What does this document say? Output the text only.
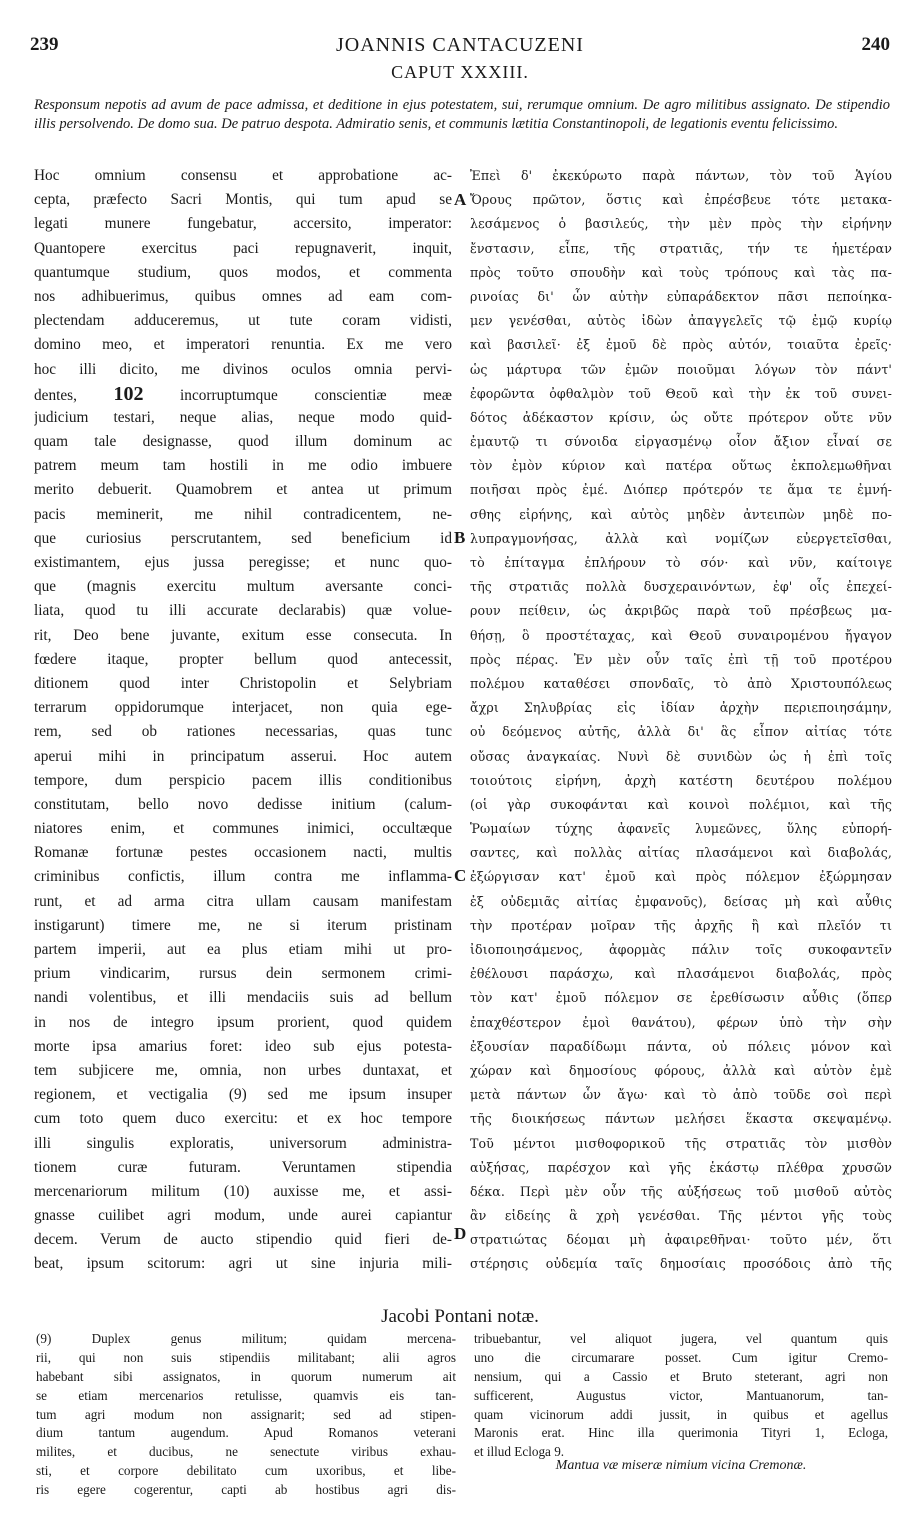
239	JOANNIS CANTACUZENI	240
CAPUT XXXIII.
Responsum nepotis ad avum de pace admissa, et deditione in ejus potestatem, sui, rerumque omnium. De agro militibus assignato. De stipendio illis persolvendo. De domo sua. De patruo despota. Admiratio senis, et communis lætitia Constantinopoli, de legationis eventu felicissimo.
Hoc omnium consensu et approbatione ac-
cepta, præfecto Sacri Montis, qui tum apud se
legati munere fungebatur, accersito, imperator:
Quantopere exercitus paci repugnaverit, inquit,
quantumque studium, quos modos, et commenta
nos adhibuerimus, quibus omnes ad eam com-
plectendam adduceremus, ut tute coram vidisti,
domino meo, et imperatori renuntia. Ex me vero
hoc illi dicito, me divinos oculos omnia pervi-
dentes, 102 incorruptumque conscientiæ meæ
judicium testari, neque alias, neque modo quid-
quam tale designasse, quod illum dominum ac
patrem meum tam hostili in me odio imbuere
merito debuerit. Quamobrem et antea ut primum
pacis meminerit, me nihil contradicentem, ne-
que curiosius perscrutantem, sed beneficium id
existimantem, ejus jussa peregisse; et nunc quo-
que (magnis exercitu multum aversante conci-
liata, quod tu illi accurate declarabis) quæ volue-
rit, Deo bene juvante, exitum esse consecuta. In
fœdere itaque, propter bellum quod antecessit,
ditionem quod inter Christopolin et Selybriam
terrarum oppidorumque interjacet, non quia ege-
rem, sed ob rationes necessarias, quas tunc
aperui mihi in principatum asserui. Hoc autem
tempore, dum perspicio pacem illis conditionibus
constitutam, bello novo dedisse initium (calum-
niatores enim, et communes inimici, occultæque
Romanæ fortunæ pestes occasionem nacti, multis
criminibus confictis, illum contra me inflamma-
runt, et ad arma citra ullam causam manifestam
instigarunt) timere me, ne si iterum pristinam
partem imperii, aut ea plus etiam mihi ut pro-
prium vindicarim, rursus dein sermonem crimi-
nandi volentibus, et illi mendaciis suis ad bellum
in nos de integro ipsum prorient, quod quidem
morte ipsa amarius foret: ideo sub ejus potesta-
tem subjicere me, omnia, non urbes duntaxat, et
regionem, et vectigalia (9) sed me ipsum insuper
cum toto quem duco exercitu: et ex hoc tempore
illi singulis exploratis, universorum administra-
tionem curæ futuram. Veruntamen stipendia
mercenariorum militum (10) auxisse me, et assi-
gnasse cuilibet agri modum, unde aurei capiantur
decem. Verum de aucto stipendio quid fieri de-
beat, ipsum scitorum: agri ut sine injuria mili-
Ἐπεὶ δ' ἐκεκύρωτο παρὰ πάντων, τὸν τοῦ Ἁγίου
Ὄρους πρῶτον, ὅστις καὶ ἐπρέσβευε τότε μετακα-
λεσάμενος ὁ βασιλεύς, τὴν μὲν πρὸς τὴν εἰρήνην
ἔνστασιν, εἶπε, τῆς στρατιᾶς, τήν τε ἡμετέραν
πρὸς τοῦτο σπουδὴν καὶ τοὺς τρόπους καὶ τὰς πα-
ρινοίας δι' ὧν αὐτὴν εὐπαράδεκτον πᾶσι πεποίηκα-
μεν γενέσθαι, αὐτὸς ἰδὼν ἀπαγγελεῖς τῷ ἐμῷ κυρίῳ
καὶ βασιλεῖ· ἐξ ἐμοῦ δὲ πρὸς αὐτόν, τοιαῦτα ἐρεῖς·
ὡς μάρτυρα τῶν ἐμῶν ποιοῦμαι λόγων τὸν πάντ'
ἐφορῶντα ὀφθαλμὸν τοῦ Θεοῦ καὶ τὴν ἐκ τοῦ συνει-
δότος ἀδέκαστον κρίσιν, ὡς οὔτε πρότερον οὔτε νῦν
ἐμαυτῷ τι σύνοιδα εἰργασμένῳ οἷον ἄξιον εἶναί σε
τὸν ἐμὸν κύριον καὶ πατέρα οὕτως ἐκπολεμωθῆναι
ποιῆσαι πρὸς ἐμέ. Διόπερ πρότερόν τε ἅμα τε ἐμνή-
σθης εἰρήνης, καὶ αὐτὸς μηδὲν ἀντειπὼν μηδὲ πο-
λυπραγμονήσας, ἀλλὰ καὶ νομίζων εὐεργετεῖσθαι,
τὸ ἐπίταγμα ἐπλήρουν τὸ σόν· καὶ νῦν, καίτοιγε
τῆς στρατιᾶς πολλὰ δυσχεραινόντων, ἐφ' οἷς ἐπεχεί-
ρουν πείθειν, ὡς ἀκριβῶς παρὰ τοῦ πρέσβεως μα-
θήσῃ, ὃ προστέταχας, καὶ Θεοῦ συναιρομένου ἤγαγον
πρὸς πέρας. Ἐν μὲν οὖν ταῖς ἐπὶ τῇ τοῦ προτέρου
πολέμου καταθέσει σπονδαῖς, τὸ ἀπὸ Χριστουπόλεως
ἄχρι Σηλυβρίας εἰς ἰδίαν ἀρχὴν περιεποιησάμην,
οὐ δεόμενος αὐτῆς, ἀλλὰ δι' ἃς εἶπον αἰτίας τότε
οὔσας ἀναγκαίας. Νυνὶ δὲ συνιδὼν ὡς ἡ ἐπὶ τοῖς
τοιούτοις εἰρήνη, ἀρχὴ κατέστη δευτέρου πολέμου
(οἱ γὰρ συκοφάνται καὶ κοινοὶ πολέμιοι, καὶ τῆς
Ῥωμαίων τύχης ἀφανεῖς λυμεῶνες, ὕλης εὐπορή-
σαντες, καὶ πολλὰς αἰτίας πλασάμενοι καὶ διαβολάς,
ἐξώργισαν κατ' ἐμοῦ καὶ πρὸς πόλεμον ἐξώρμησαν
ἐξ οὐδεμιᾶς αἰτίας ἐμφανοῦς), δείσας μὴ καὶ αὖθις
τὴν προτέραν μοῖραν τῆς ἀρχῆς ἢ καὶ πλεῖόν τι
ἰδιοποιησάμενος, ἀφορμὰς πάλιν τοῖς συκοφαντεῖν
ἐθέλουσι παράσχω, καὶ πλασάμενοι διαβολάς, πρὸς
τὸν κατ' ἐμοῦ πόλεμον σε ἐρεθίσωσιν αὖθις (ὅπερ
ἐπαχθέστερον ἐμοὶ θανάτου), φέρων ὑπὸ τὴν σὴν
ἐξουσίαν παραδίδωμι πάντα, οὐ πόλεις μόνον καὶ
χώραν καὶ δημοσίους φόρους, ἀλλὰ καὶ αὐτὸν ἐμὲ
μετὰ πάντων ὧν ἄγω· καὶ τὸ ἀπὸ τοῦδε σοὶ περὶ
τῆς διοικήσεως πάντων μελήσει ἕκαστα σκεψαμένῳ.
Τοῦ μέντοι μισθοφορικοῦ τῆς στρατιᾶς τὸν μισθὸν
αὐξήσας, παρέσχον καὶ γῆς ἑκάστῳ πλέθρα χρυσῶν
δέκα. Περὶ μὲν οὖν τῆς αὐξήσεως τοῦ μισθοῦ αὐτὸς
ἂν εἰδείης ἃ χρὴ γενέσθαι. Τῆς μέντοι γῆς τοὺς
στρατιώτας δέομαι μὴ ἀφαιρεθῆναι· τοῦτο μέν, ὅτι
στέρησις οὐδεμία ταῖς δημοσίαις προσόδοις ἀπὸ τῆς
A
B
C
D
Jacobi Pontani notæ.
(9) Duplex genus militum; quidam mercena-
rii, qui non suis stipendiis militabant; alii agros
habebant sibi assignatos, in quorum numerum ait
se etiam mercenarios retulisse, quamvis eis tan-
tum agri modum non assignarit; sed ad stipen-
dium tantum augendum. Apud Romanos veterani
milites, et ducibus, ne senectute viribus exhau-
sti, et corpore debilitato cum uxoribus, et libe-
ris egere cogerentur, capti ab hostibus agri dis-
tribuebantur, vel aliquot jugera, vel quantum quis
uno die circumarare posset. Cum igitur Cremo-
nensium, qui a Cassio et Bruto steterant, agri non
sufficerent, Augustus victor, Mantuanorum, tan-
quam vicinorum addi jussit, in quibus et agellus
Maronis erat. Hinc illa querimonia Tityri 1, Ecloga,
et illud Ecloga 9.
Mantua væ miseræ nimium vicina Cremonæ.
